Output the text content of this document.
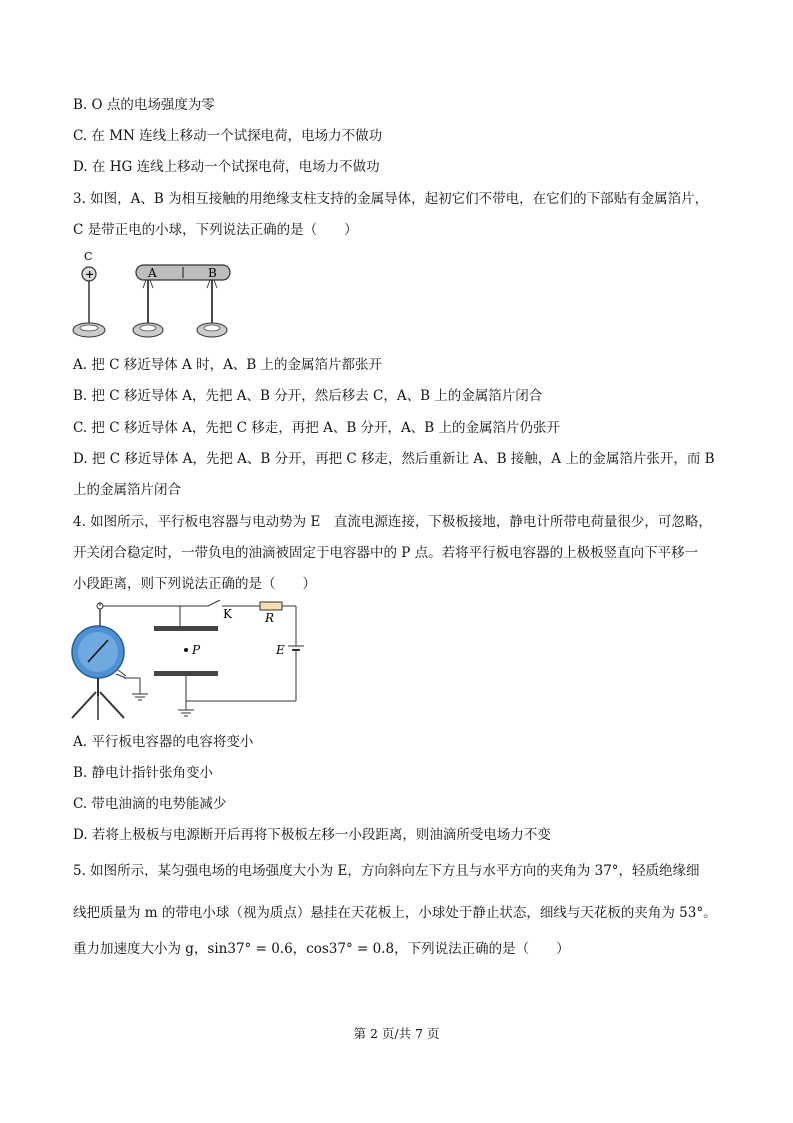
B. O 点的电场强度为零
C. 在 MN 连线上移动一个试探电荷，电场力不做功
D. 在 HG 连线上移动一个试探电荷，电场力不做功
3. 如图，A、B 为相互接触的用绝缘支柱支持的金属导体，起初它们不带电，在它们的下部贴有金属箔片，
C 是带正电的小球，下列说法正确的是（　　）
C
+	A	B
A. 把 C 移近导体 A 时，A、B 上的金属箔片都张开
B. 把 C 移近导体 A，先把 A、B 分开，然后移去 C，A、B 上的金属箔片闭合
C. 把 C 移近导体 A，先把 C 移走，再把 A、B 分开，A、B 上的金属箔片仍张开
D. 把 C 移近导体 A，先把 A、B 分开，再把 C 移走，然后重新让 A、B 接触，A 上的金属箔片张开，而 B
上的金属箔片闭合
4. 如图所示，平行板电容器与电动势为 E　直流电源连接，下极板接地，静电计所带电荷量很少，可忽略，
开关闭合稳定时，一带负电的油滴被固定于电容器中的 P 点。若将平行板电容器的上极板竖直向下平移一
小段距离，则下列说法正确的是（　　）
K	R
E
P
A. 平行板电容器的电容将变小
B. 静电计指针张角变小
C. 带电油滴的电势能减少
D. 若将上极板与电源断开后再将下极板左移一小段距离，则油滴所受电场力不变
5. 如图所示，某匀强电场的电场强度大小为 E，方向斜向左下方且与水平方向的夹角为 37°，轻质绝缘细
线把质量为 m 的带电小球（视为质点）悬挂在天花板上，小球处于静止状态，细线与天花板的夹角为 53°。
重力加速度大小为 g，sin37° = 0.6，cos37° = 0.8，下列说法正确的是（　　）
第 2 页/共 7 页
